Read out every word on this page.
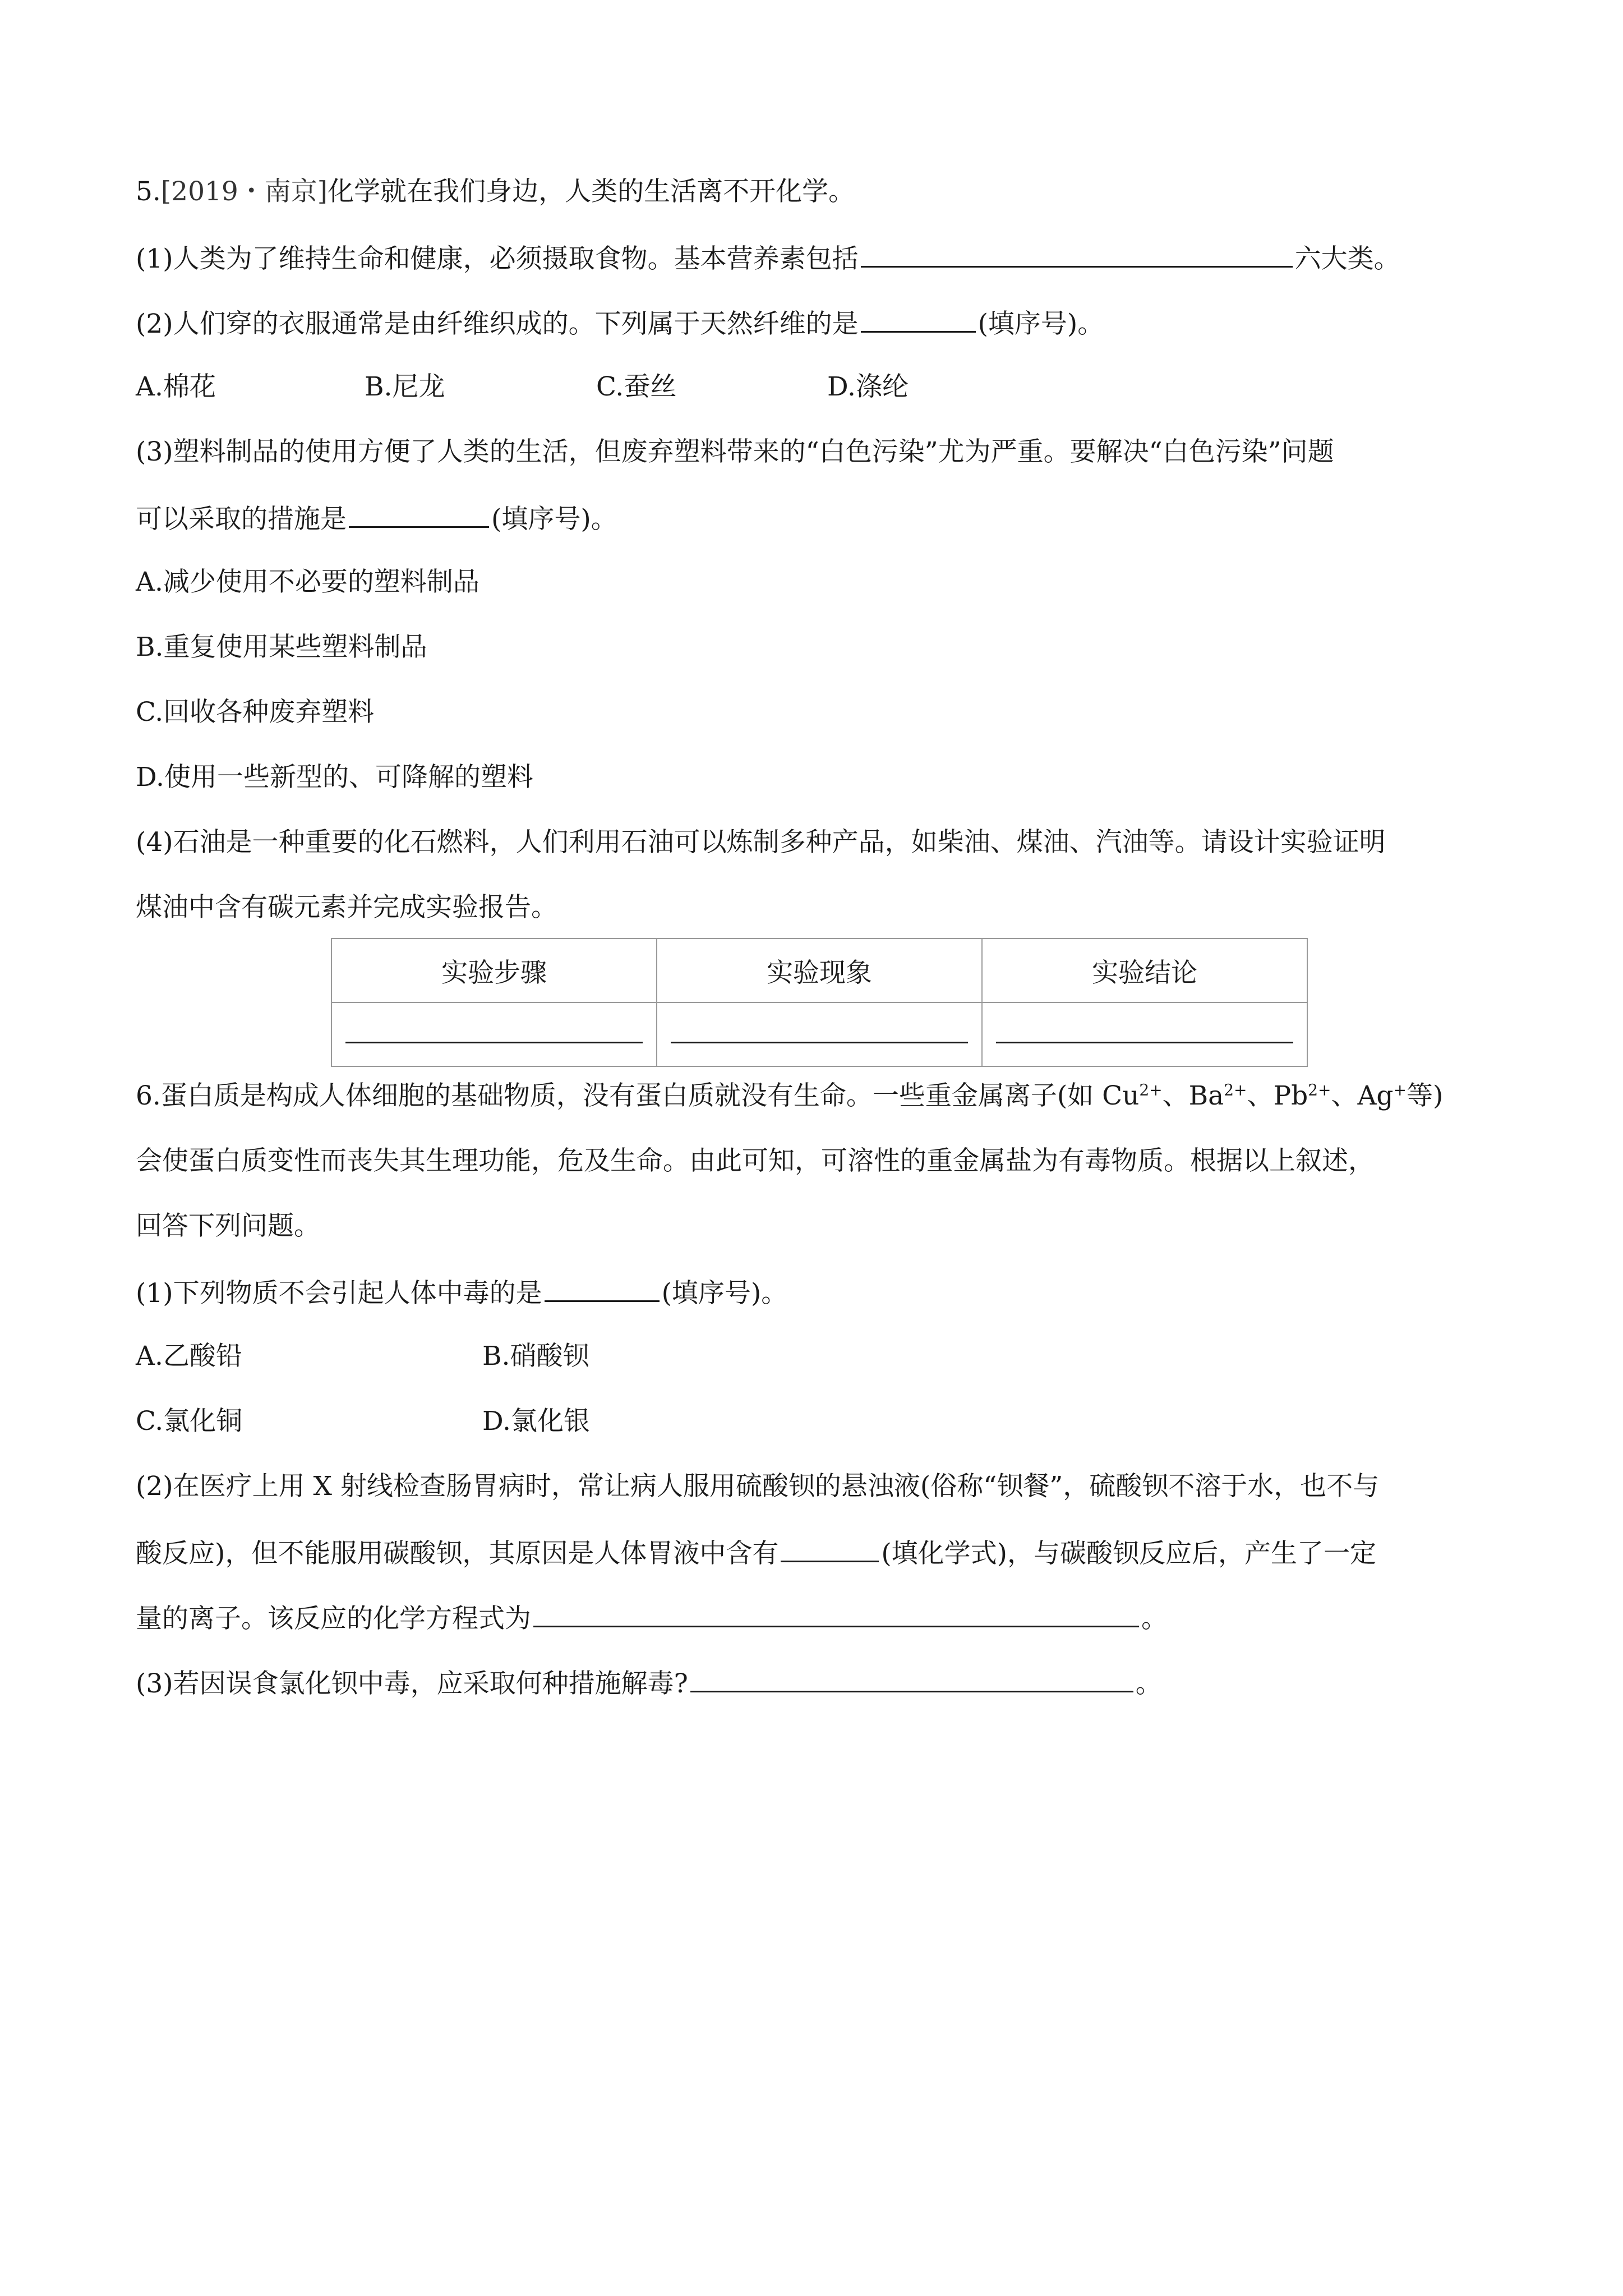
5.[2019・南京]化学就在我们身边，人类的生活离不开化学。
(1)人类为了维持生命和健康，必须摄取食物。基本营养素包括	六大类。
(2)人们穿的衣服通常是由纤维织成的。下列属于天然纤维的是	(填序号)。
A.棉花	B.尼龙	C.蚕丝	D.涤纶
(3)塑料制品的使用方便了人类的生活，但废弃塑料带来的“白色污染”尤为严重。要解决“白色污染”问题
可以采取的措施是	(填序号)。
A.减少使用不必要的塑料制品
B.重复使用某些塑料制品
C.回收各种废弃塑料
D.使用一些新型的、可降解的塑料
(4)石油是一种重要的化石燃料，人们利用石油可以炼制多种产品，如柴油、煤油、汽油等。请设计实验证明
煤油中含有碳元素并完成实验报告。
实验步骤	实验现象	实验结论

6.蛋白质是构成人体细胞的基础物质，没有蛋白质就没有生命。一些重金属离子(如 $Cu^{2+}$、$Ba^{2+}$、$Pb^{2+}$、Ag+等)
会使蛋白质变性而丧失其生理功能，危及生命。由此可知，可溶性的重金属盐为有毒物质。根据以上叙述，
回答下列问题。
(1)下列物质不会引起人体中毒的是	(填序号)。
A.乙酸铅	B.硝酸钡
C.氯化铜	D.氯化银
(2)在医疗上用 X 射线检查肠胃病时，常让病人服用硫酸钡的悬浊液(俗称“钡餐”，硫酸钡不溶于水，也不与
酸反应)，但不能服用碳酸钡，其原因是人体胃液中含有	(填化学式)，与碳酸钡反应后，产生了一定
量的离子。该反应的化学方程式为	。
(3)若因误食氯化钡中毒，应采取何种措施解毒?	。
